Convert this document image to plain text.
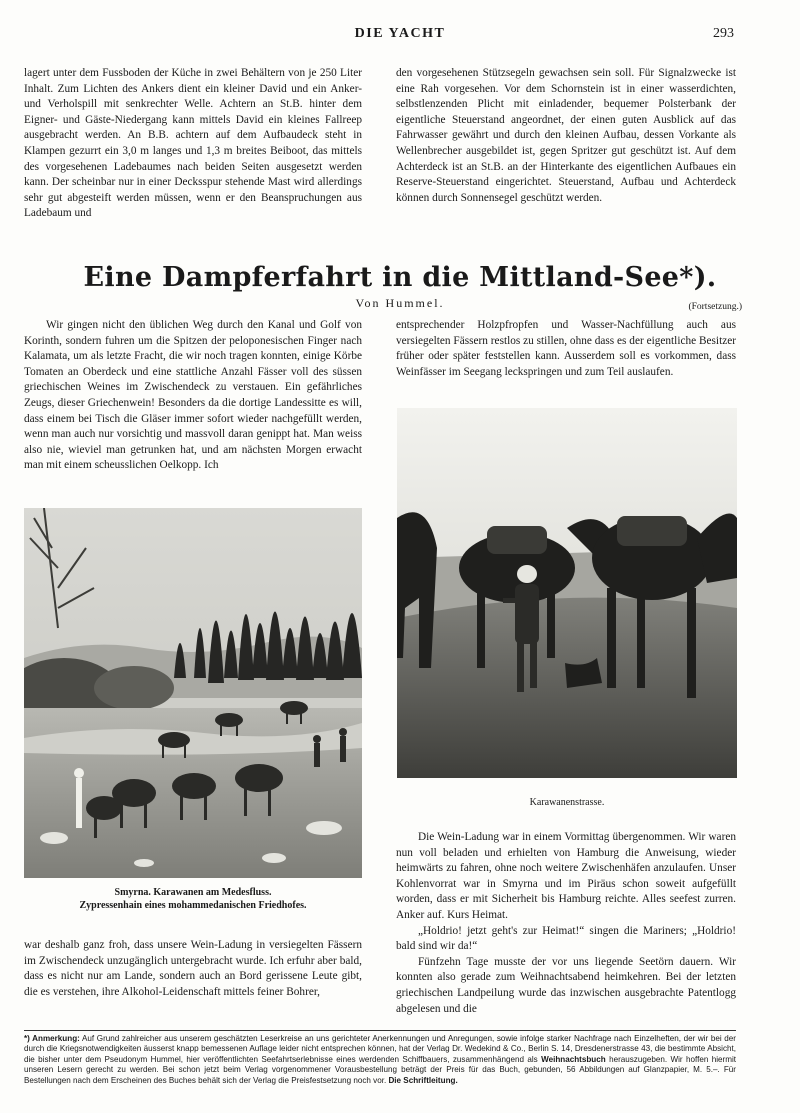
DIE YACHT	293

lagert unter dem Fussboden der Küche in zwei Behältern von je 250 Liter Inhalt. Zum Lichten des Ankers dient ein kleiner David und ein Anker- und Verholspill mit senkrechter Welle. Achtern an St.B. hinter dem Eigner- und Gäste-Niedergang kann mittels David ein kleines Fallreep ausgebracht werden. An B.B. achtern auf dem Aufbaudeck steht in Klampen gezurrt ein 3,0 m langes und 1,3 m breites Beiboot, das mittels des vorgesehenen Ladebaumes nach beiden Seiten ausgesetzt werden kann. Der scheinbar nur in einer Decksspur stehende Mast wird allerdings sehr gut abgesteift werden müssen, wenn er den Beanspruchungen aus Ladebaum und

den vorgesehenen Stützsegeln gewachsen sein soll. Für Signalzwecke ist eine Rah vorgesehen. Vor dem Schornstein ist in einer wasserdichten, selbstlenzenden Plicht mit einladender, bequemer Polsterbank der eigentliche Steuerstand angeordnet, der einen guten Ausblick auf das Fahrwasser gewährt und durch den kleinen Aufbau, dessen Vorkante als Wellenbrecher ausgebildet ist, gegen Spritzer gut geschützt ist. Auf dem Achterdeck ist an St.B. an der Hinterkante des eigentlichen Aufbaues ein Reserve-Steuerstand eingerichtet. Steuerstand, Aufbau und Achterdeck können durch Sonnensegel geschützt werden.

Eine Dampferfahrt in die Mittland-See*).
Von Hummel.	(Fortsetzung.)

Wir gingen nicht den üblichen Weg durch den Kanal und Golf von Korinth, sondern fuhren um die Spitzen der peloponesischen Finger nach Kalamata, um als letzte Fracht, die wir noch tragen konnten, einige Körbe Tomaten an Oberdeck und eine stattliche Anzahl Fässer voll des süssen griechischen Weines im Zwischendeck zu verstauen. Ein gefährliches Zeugs, dieser Griechenwein! Besonders da die dortige Landessitte es will, dass einem bei Tisch die Gläser immer sofort wieder nachgefüllt werden, wenn man auch nur vorsichtig und massvoll daran genippt hat. Man weiss also nie, wieviel man getrunken hat, und am nächsten Morgen erwacht man mit einem scheusslichen Oelkopp. Ich

entsprechender Holzpfropfen und Wasser-Nachfüllung auch aus versiegelten Fässern restlos zu stillen, ohne dass es der eigentliche Besitzer früher oder später feststellen kann. Ausserdem soll es vorkommen, dass Weinfässer im Seegang leckspringen und zum Teil auslaufen.

Smyrna. Karawanen am Medesfluss.
Zypressenhain eines mohammedanischen Friedhofes.
Karawanenstrasse.

war deshalb ganz froh, dass unsere Wein-Ladung in versiegelten Fässern im Zwischendeck unzugänglich untergebracht wurde. Ich erfuhr aber bald, dass es nicht nur am Lande, sondern auch an Bord gerissene Leute gibt, die es verstehen, ihre Alkohol-Leidenschaft mittels feiner Bohrer,

Die Wein-Ladung war in einem Vormittag übergenommen. Wir waren nun voll beladen und erhielten von Hamburg die Anweisung, wieder heimwärts zu fahren, ohne noch weitere Zwischenhäfen anzulaufen. Unser Kohlenvorrat war in Smyrna und im Piräus schon soweit aufgefüllt worden, dass er mit Sicherheit bis Hamburg reichte. Alles seefest zurren. Anker auf. Kurs Heimat.

„Holdrio! jetzt geht's zur Heimat!“ singen die Mariners; „Holdrio! bald sind wir da!“

Fünfzehn Tage musste der vor uns liegende Seetörn dauern. Wir konnten also gerade zum Weihnachtsabend heimkehren. Bei der letzten griechischen Landpeilung wurde das inzwischen ausgebrachte Patentlogg abgelesen und die

*) Anmerkung: Auf Grund zahlreicher aus unserem geschätzten Leserkreise an uns gerichteter Anerkennungen und Anregungen, sowie infolge starker Nachfrage nach Einzelheften, der wir bei der durch die Kriegsnotwendigkeiten äusserst knapp bemessenen Auflage leider nicht entsprechen können, hat der Verlag Dr. Wedekind & Co., Berlin S. 14, Dresdenerstrasse 43, die bestimmte Absicht, die bisher unter dem Pseudonym Hummel, hier veröffentlichten Seefahrtserlebnisse eines werdenden Schiffbauers, zusammenhängend als Weihnachtsbuch herauszugeben. Wir hoffen hiermit unseren Lesern gerecht zu werden. Bei schon jetzt beim Verlag vorgenommener Vorausbestellung beträgt der Preis für das Buch, gebunden, 56 Abbildungen auf Glanzpapier, M. 5.–. Für Bestellungen nach dem Erscheinen des Buches behält sich der Verlag die Preisfestsetzung noch vor. Die Schriftleitung.
